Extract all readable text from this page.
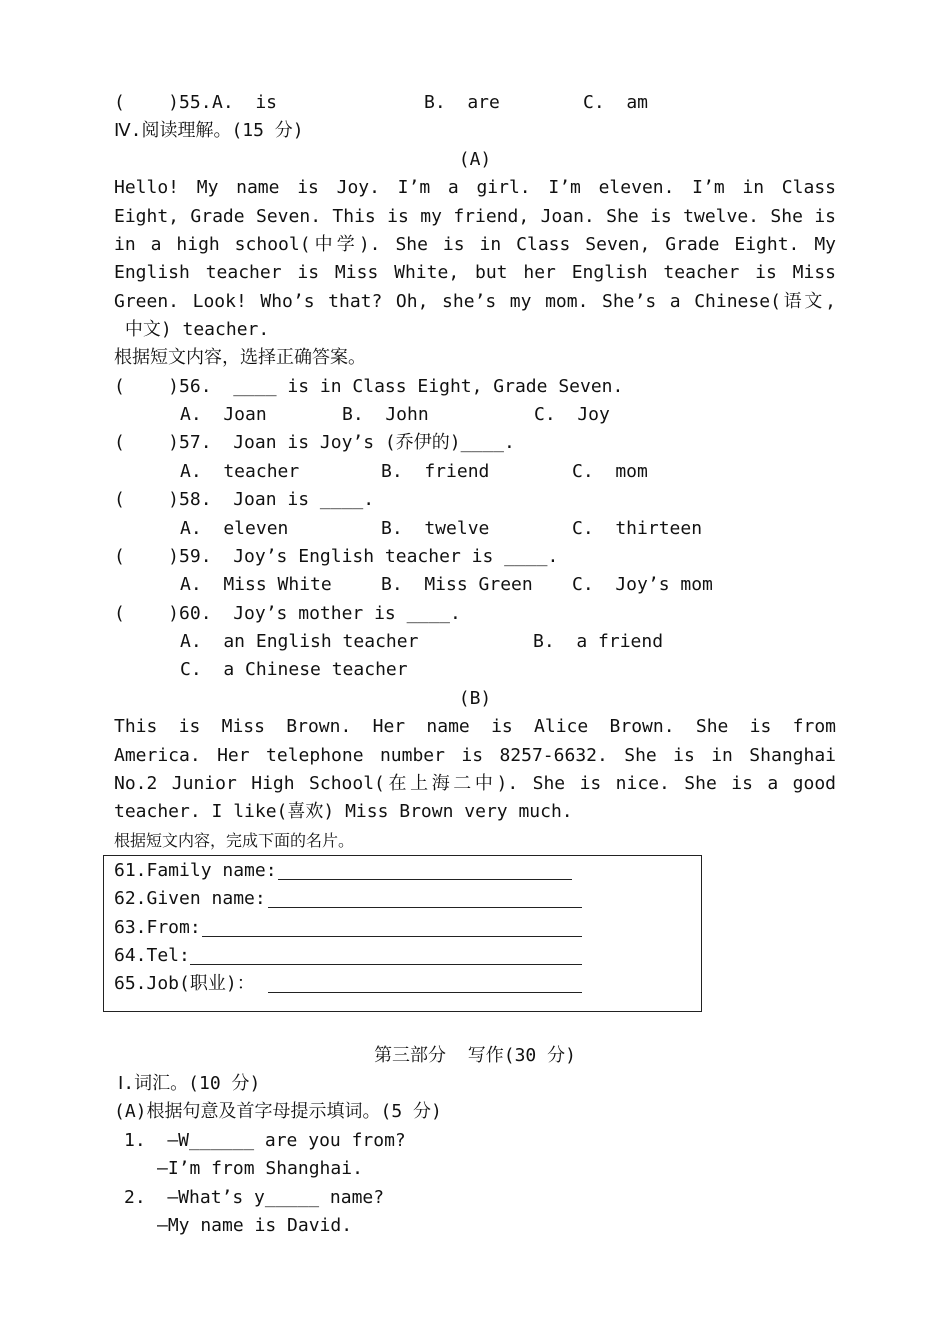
(    )55. A.  is	B.  are	C.  am
Ⅳ.阅读理解。(15 分)
(A)
Hello! My name is Joy. I’m a girl. I’m eleven. I’m in Class
Eight, Grade Seven. This is my friend, Joan. She is twelve. She is
in a high school(中学). She is in Class Seven, Grade Eight. My
English teacher is Miss White, but her English teacher is Miss
Green. Look! Who’s that? Oh, she’s my mom. She’s a Chinese(语文,
中文) teacher.
根据短文内容，选择正确答案。
(    )56.  ____ is in Class Eight, Grade Seven.
A.  Joan	B.  John	C.  Joy
(    )57.  Joan is Joy’s (乔伊的)____.
A.  teacher	B.  friend	C.  mom
(    )58.  Joan is ____.
A.  eleven	B.  twelve	C.  thirteen
(    )59.  Joy’s English teacher is ____.
A.  Miss White	B.  Miss Green C.  Joy’s mom
(    )60.  Joy’s mother is ____.
A.  an English teacher	B.  a friend
C.  a Chinese teacher
(B)
This is Miss Brown. Her name is Alice Brown. She is from
America. Her telephone number is 8257-6632. She is in Shanghai
No.2 Junior High School(在上海二中). She is nice. She is a good
teacher. I like(喜欢) Miss Brown very much.
根据短文内容，完成下面的名片。
61.Family name:
62.Given name:
63.From:
64.Tel:
65.Job(职业)：
第三部分  写作(30 分)
Ⅰ.词汇。(10 分)
(A)根据句意及首字母提示填词。(5 分)
1.  —W______ are you from?
—I’m from Shanghai.
2.  —What’s y_____ name?
—My name is David.
